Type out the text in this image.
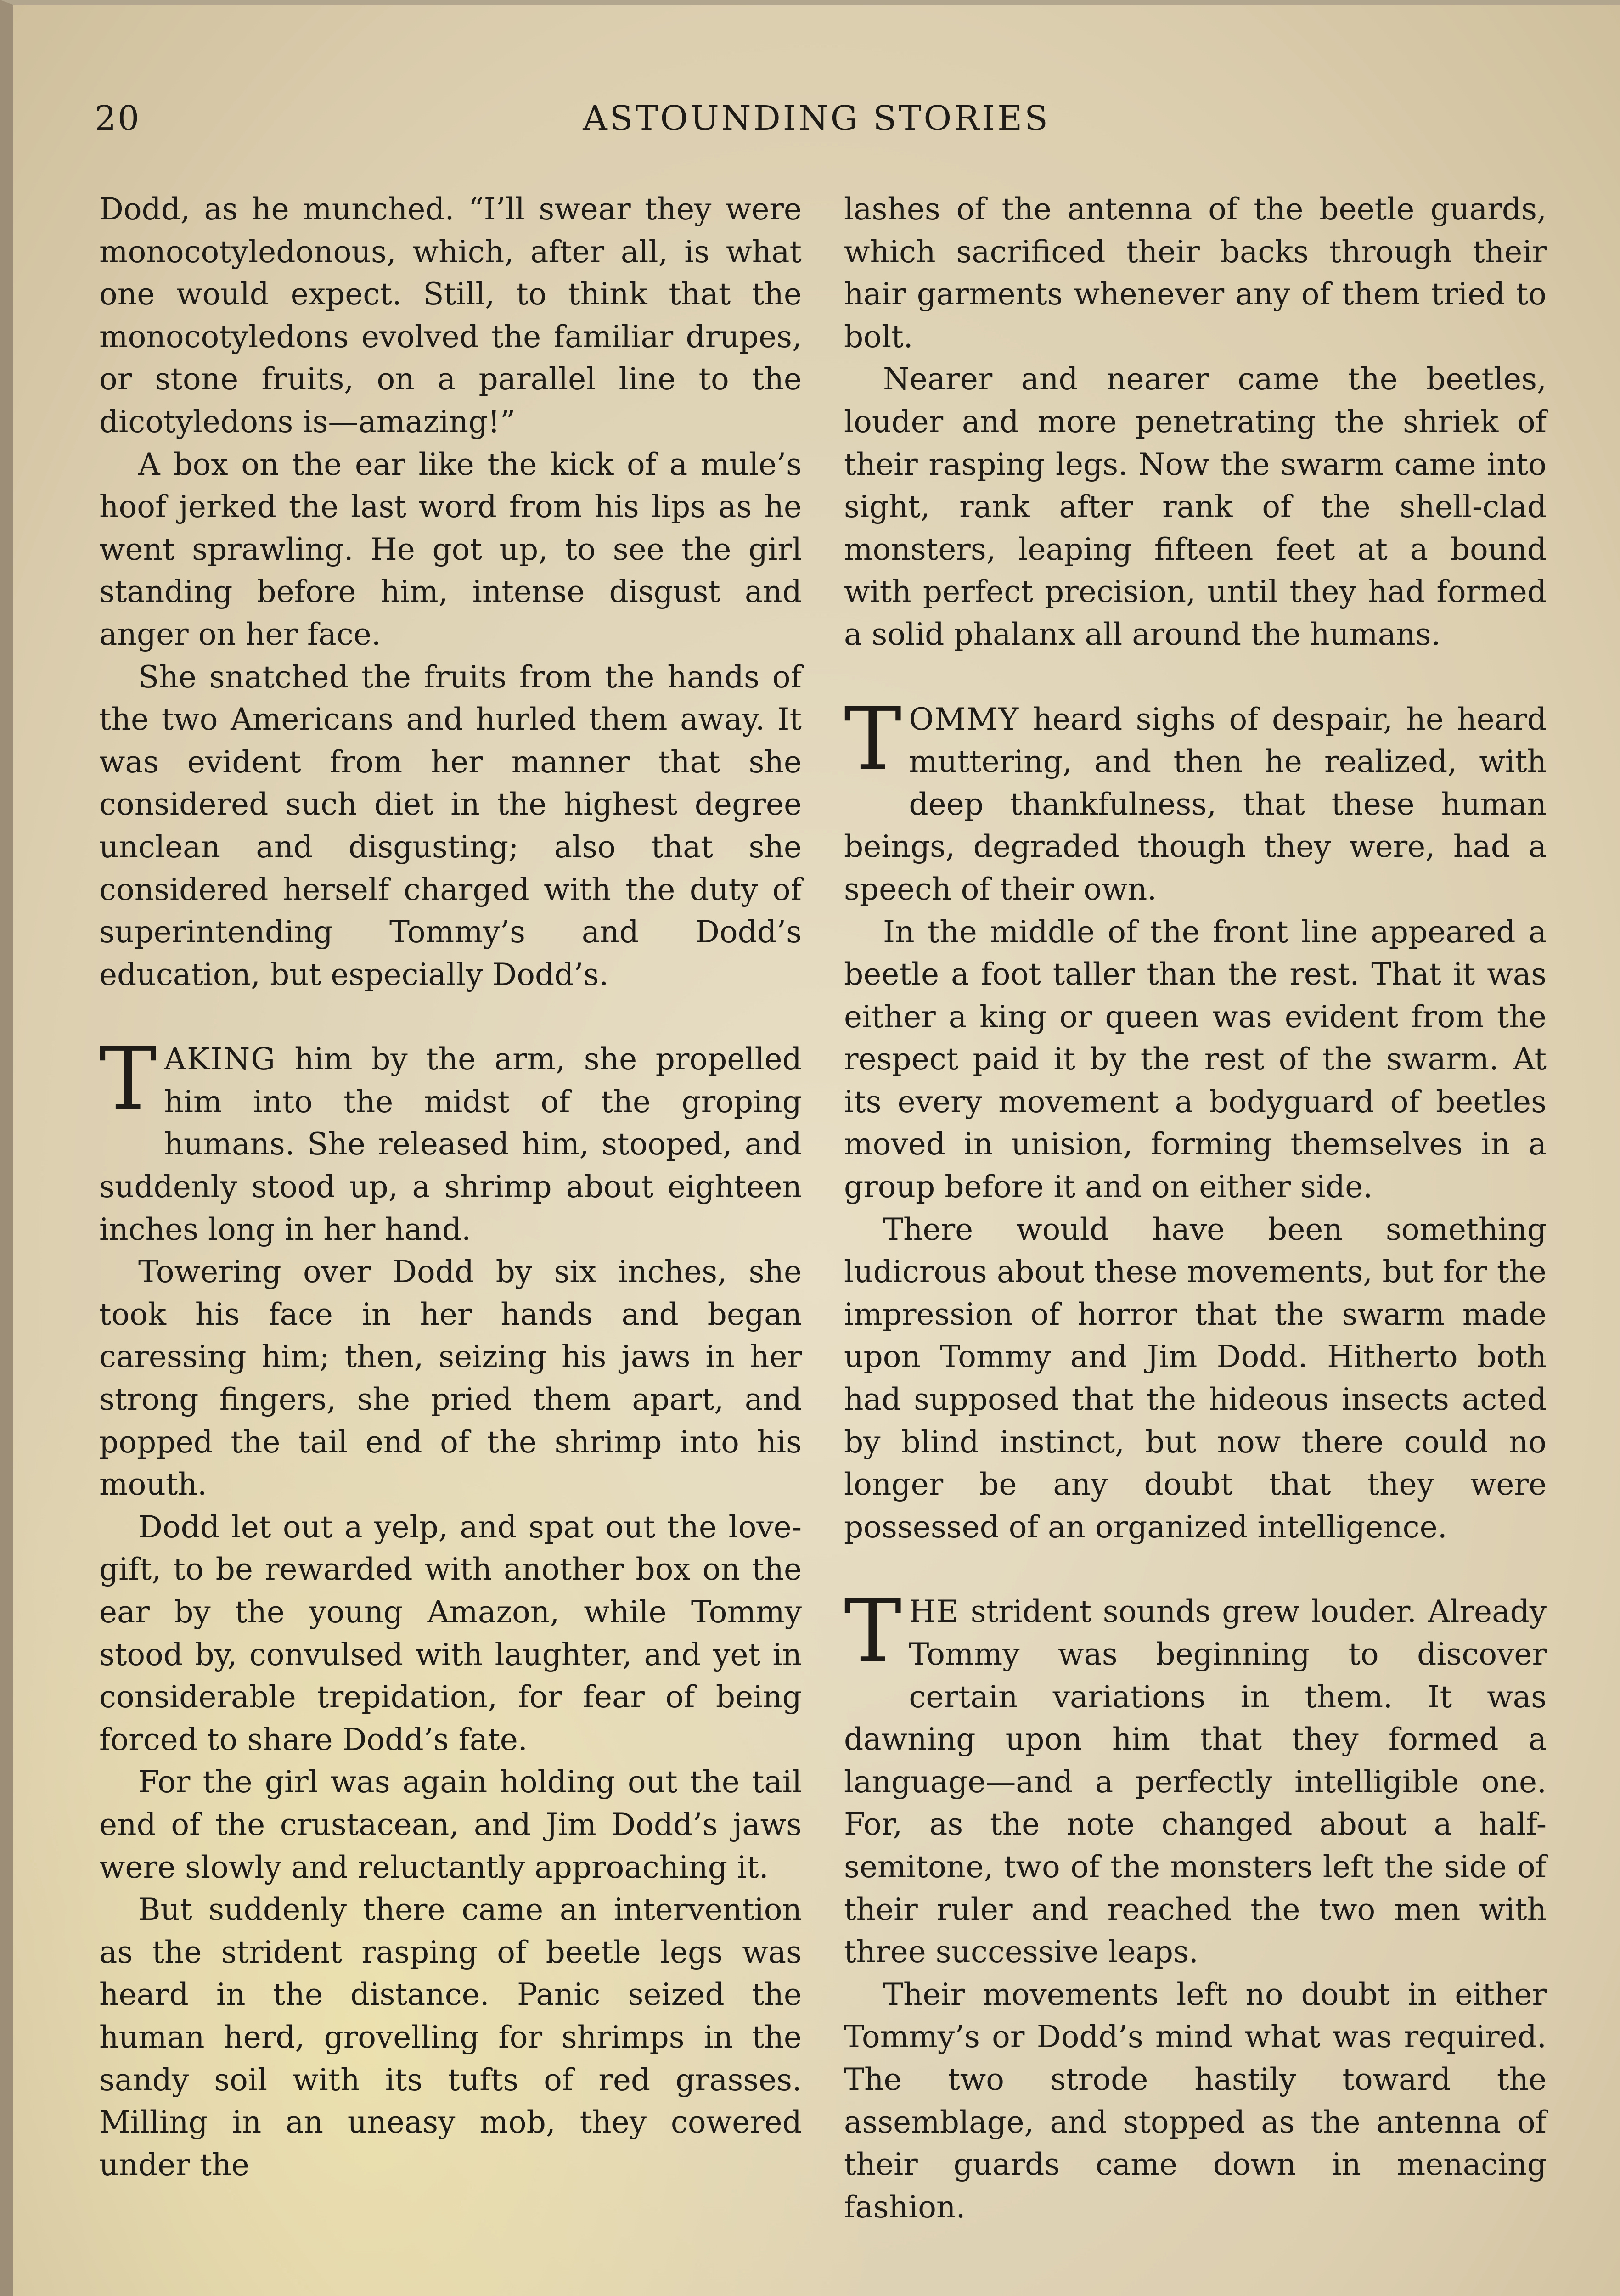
20	ASTOUNDING STORIES

Dodd, as he munched. “I’ll swear they were monocotyledonous, which, after all, is what one would expect. Still, to think that the monocotyledons evolved the familiar drupes, or stone fruits, on a parallel line to the dicotyledons is—amazing!”

A box on the ear like the kick of a mule’s hoof jerked the last word from his lips as he went sprawling. He got up, to see the girl standing before him, intense disgust and anger on her face.

She snatched the fruits from the hands of the two Americans and hurled them away. It was evident from her manner that she considered such diet in the highest degree unclean and disgusting; also that she considered herself charged with the duty of superintending Tommy’s and Dodd’s education, but especially Dodd’s.

TAKING him by the arm, she propelled him into the midst of the groping humans. She released him, stooped, and suddenly stood up, a shrimp about eighteen inches long in her hand.

Towering over Dodd by six inches, she took his face in her hands and began caressing him; then, seizing his jaws in her strong fingers, she pried them apart, and popped the tail end of the shrimp into his mouth.

Dodd let out a yelp, and spat out the love-gift, to be rewarded with another box on the ear by the young Amazon, while Tommy stood by, convulsed with laughter, and yet in considerable trepidation, for fear of being forced to share Dodd’s fate.

For the girl was again holding out the tail end of the crustacean, and Jim Dodd’s jaws were slowly and reluctantly approaching it.

But suddenly there came an intervention as the strident rasping of beetle legs was heard in the distance. Panic seized the human herd, grovelling for shrimps in the sandy soil with its tufts of red grasses. Milling in an uneasy mob, they cowered under the

lashes of the antenna of the beetle guards, which sacrificed their backs through their hair garments whenever any of them tried to bolt.

Nearer and nearer came the beetles, louder and more penetrating the shriek of their rasping legs. Now the swarm came into sight, rank after rank of the shell-clad monsters, leaping fifteen feet at a bound with perfect precision, until they had formed a solid phalanx all around the humans.

TOMMY heard sighs of despair, he heard muttering, and then he realized, with deep thankfulness, that these human beings, degraded though they were, had a speech of their own.

In the middle of the front line appeared a beetle a foot taller than the rest. That it was either a king or queen was evident from the respect paid it by the rest of the swarm. At its every movement a bodyguard of beetles moved in unision, forming themselves in a group before it and on either side.

There would have been something ludicrous about these movements, but for the impression of horror that the swarm made upon Tommy and Jim Dodd. Hitherto both had supposed that the hideous insects acted by blind instinct, but now there could no longer be any doubt that they were possessed of an organized intelligence.

THE strident sounds grew louder. Already Tommy was beginning to discover certain variations in them. It was dawning upon him that they formed a language—and a perfectly intelligible one. For, as the note changed about a half-semitone, two of the monsters left the side of their ruler and reached the two men with three successive leaps.

Their movements left no doubt in either Tommy’s or Dodd’s mind what was required. The two strode hastily toward the assemblage, and stopped as the antenna of their guards came down in menacing fashion.
